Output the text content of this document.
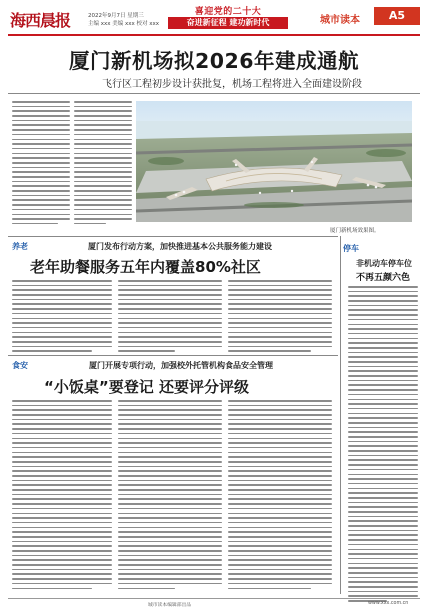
海西晨报	2022年9月7日 星期三
主编 xxx 美编 xxx 校对 xxx
喜迎党的二十大
奋进新征程 建功新时代	城市读本	A5
厦门新机场拟2026年建成通航
飞行区工程初步设计获批复，机场工程将进入全面建设阶段
厦门新机场效果图。
养老	厦门发布行动方案，加快推进基本公共服务能力建设
老年助餐服务五年内覆盖80%社区
食安	厦门开展专项行动，加强校外托管机构食品安全管理
“小饭桌”要登记 还要评分评级
停车
非机动车停车位
不再五颜六色
城市读本编辑部出品	www.xxx.com.cn
